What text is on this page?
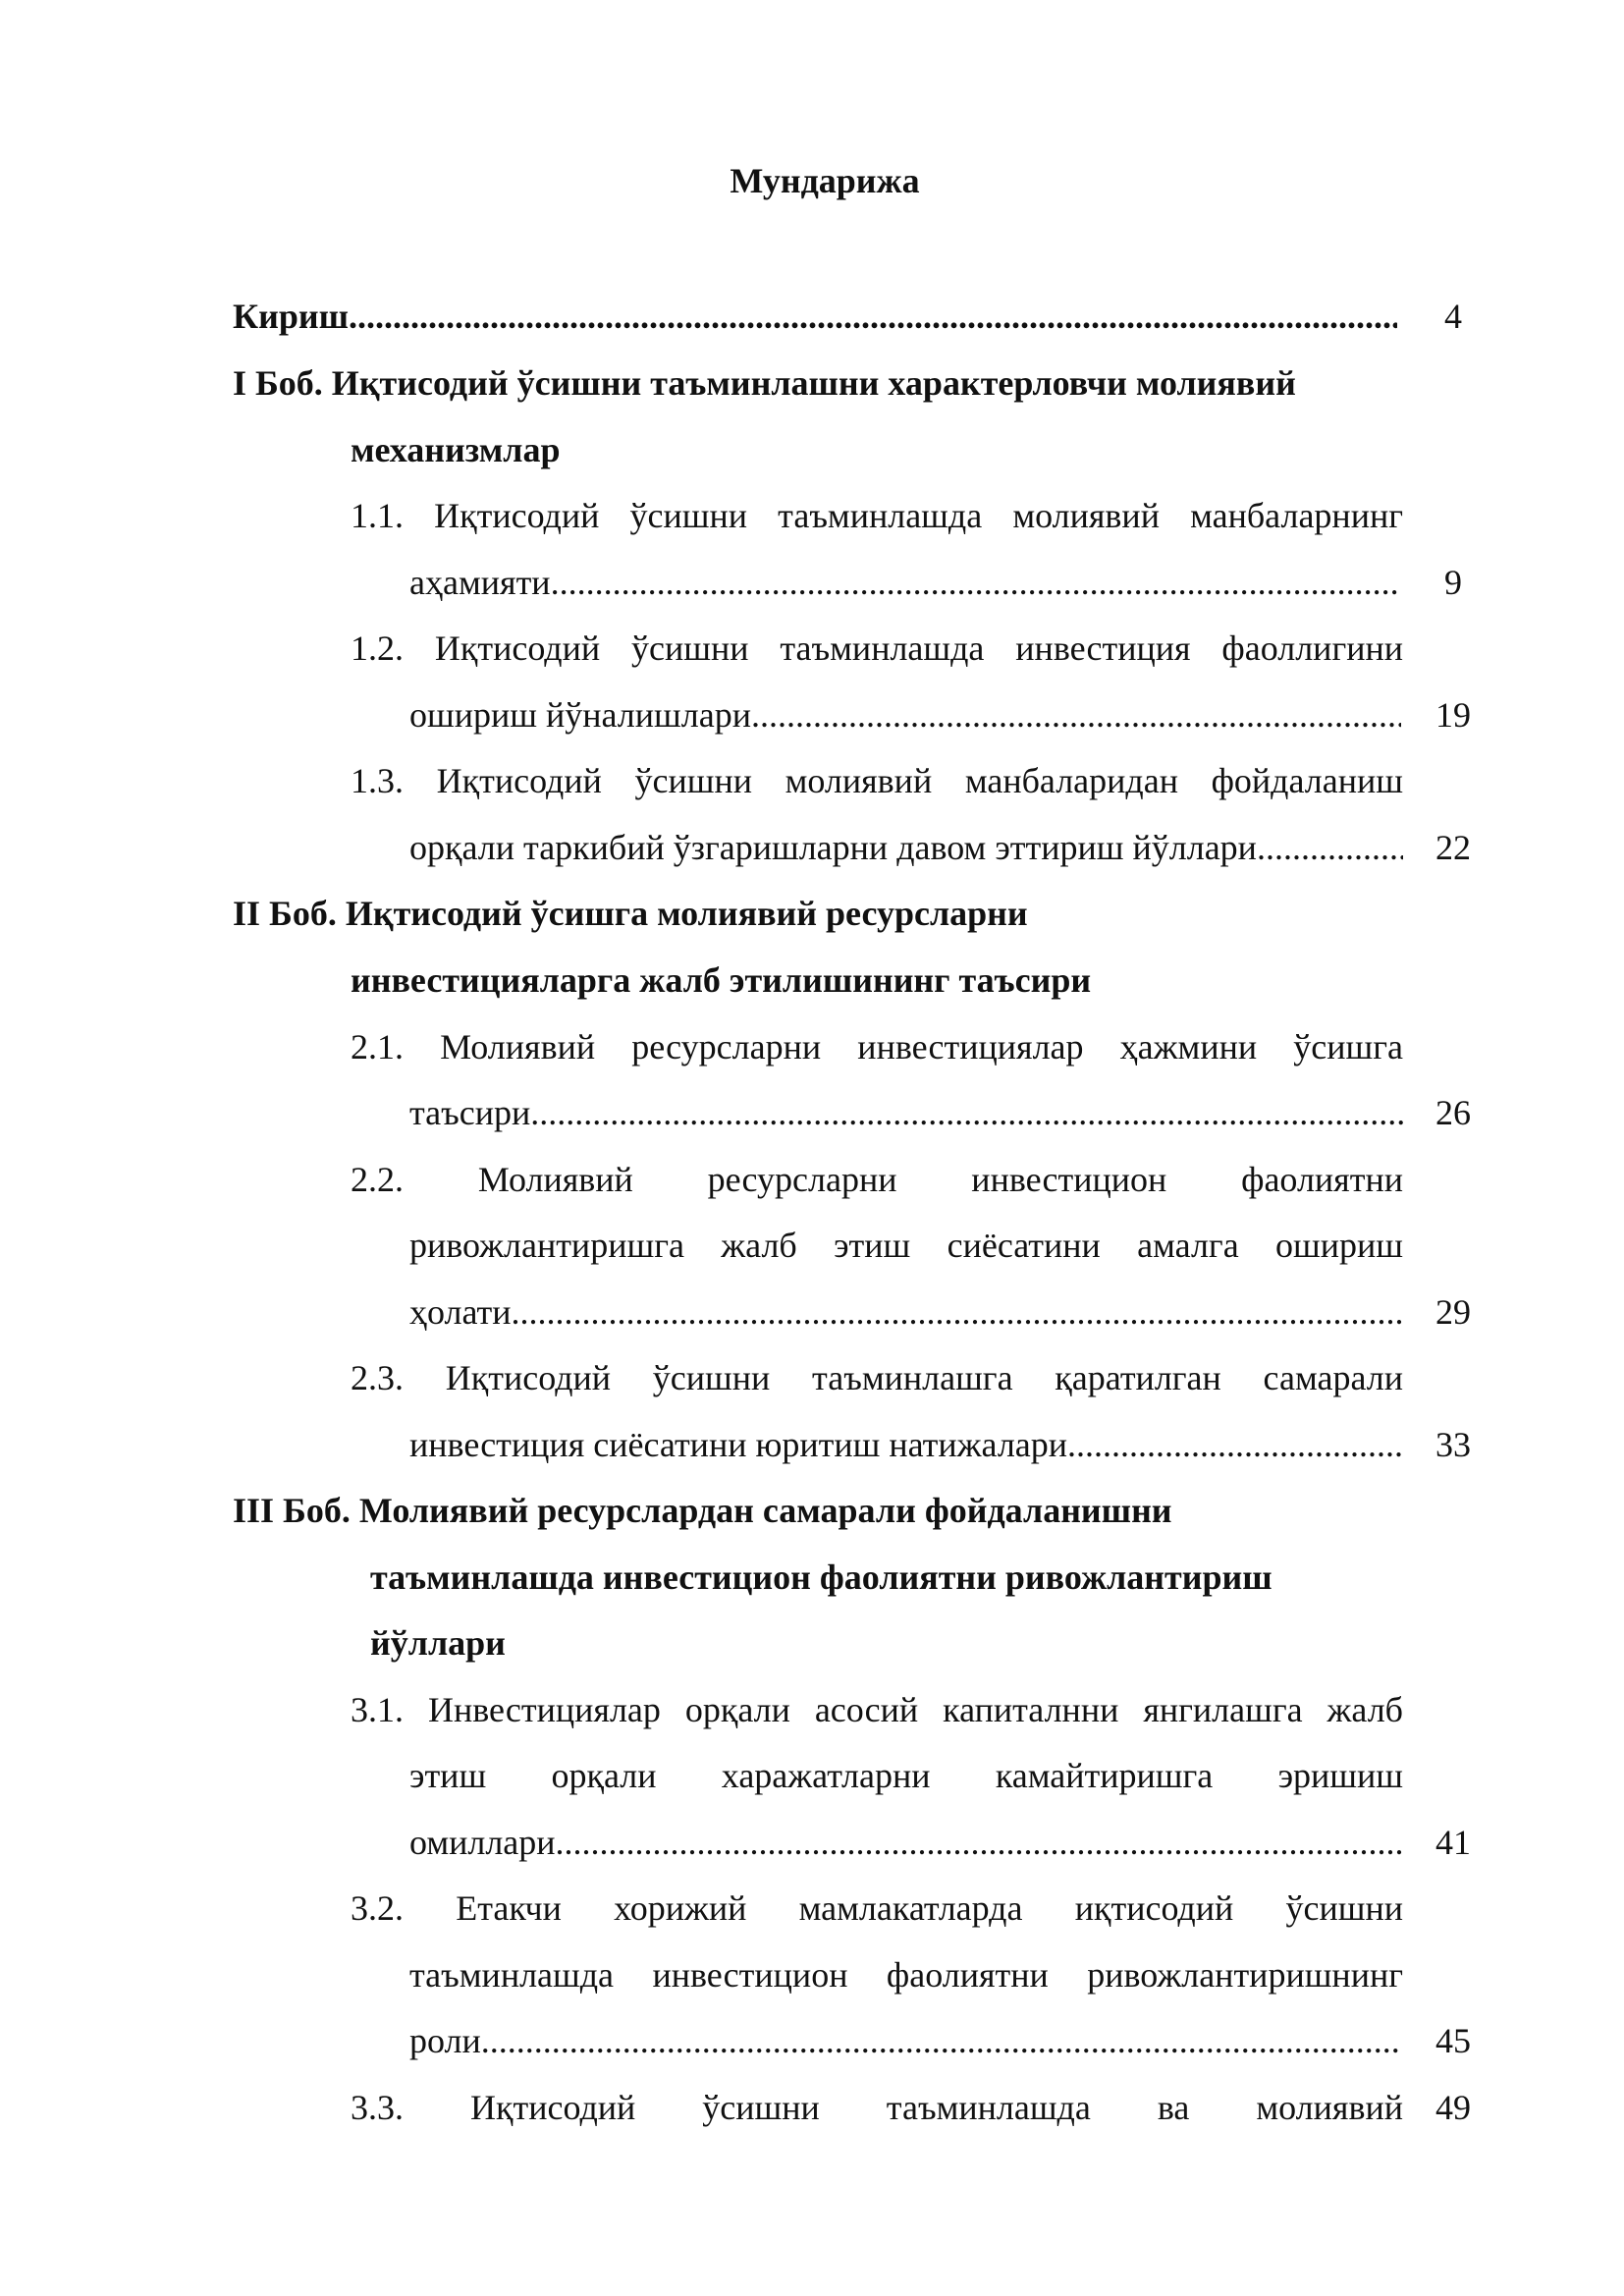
Мундарижа
Кириш .....	4
І Боб. Иқтисодий ўсишни таъминлашни характерловчи молиявий
механизмлар
1.1. Иқтисодий ўсишни таъминлашда молиявий манбаларнинг
аҳамияти .....	9
1.2. Иқтисодий ўсишни таъминлашда инвестиция фаоллигини
ошириш йўналишлари .....	19
1.3. Иқтисодий ўсишни молиявий манбаларидан фойдаланиш
орқали таркибий ўзгаришларни давом эттириш йўллари .....	22
ІІ Боб. Иқтисодий ўсишга молиявий ресурсларни
инвестицияларга жалб этилишининг таъсири
2.1. Молиявий ресурсларни инвестициялар ҳажмини ўсишга
таъсири .....	26
2.2. Молиявий ресурсларни инвестицион фаолиятни
ривожлантиришга жалб этиш сиёсатини амалга ошириш
ҳолати .....	29
2.3. Иқтисодий ўсишни таъминлашга қаратилган самарали
инвестиция сиёсатини юритиш натижалари .....	33
ІІІ Боб. Молиявий ресурслардан самарали фойдаланишни
таъминлашда инвестицион фаолиятни ривожлантириш
йўллари
3.1. Инвестициялар орқали асосий капиталнни янгилашга жалб
этиш орқали харажатларни камайтиришга эришиш
омиллари .....	41
3.2. Етакчи хорижий мамлакатларда иқтисодий ўсишни
таъминлашда инвестицион фаолиятни ривожлантиришнинг
роли .....	45
3.3. Иқтисодий ўсишни таъминлашда ва молиявий 49
